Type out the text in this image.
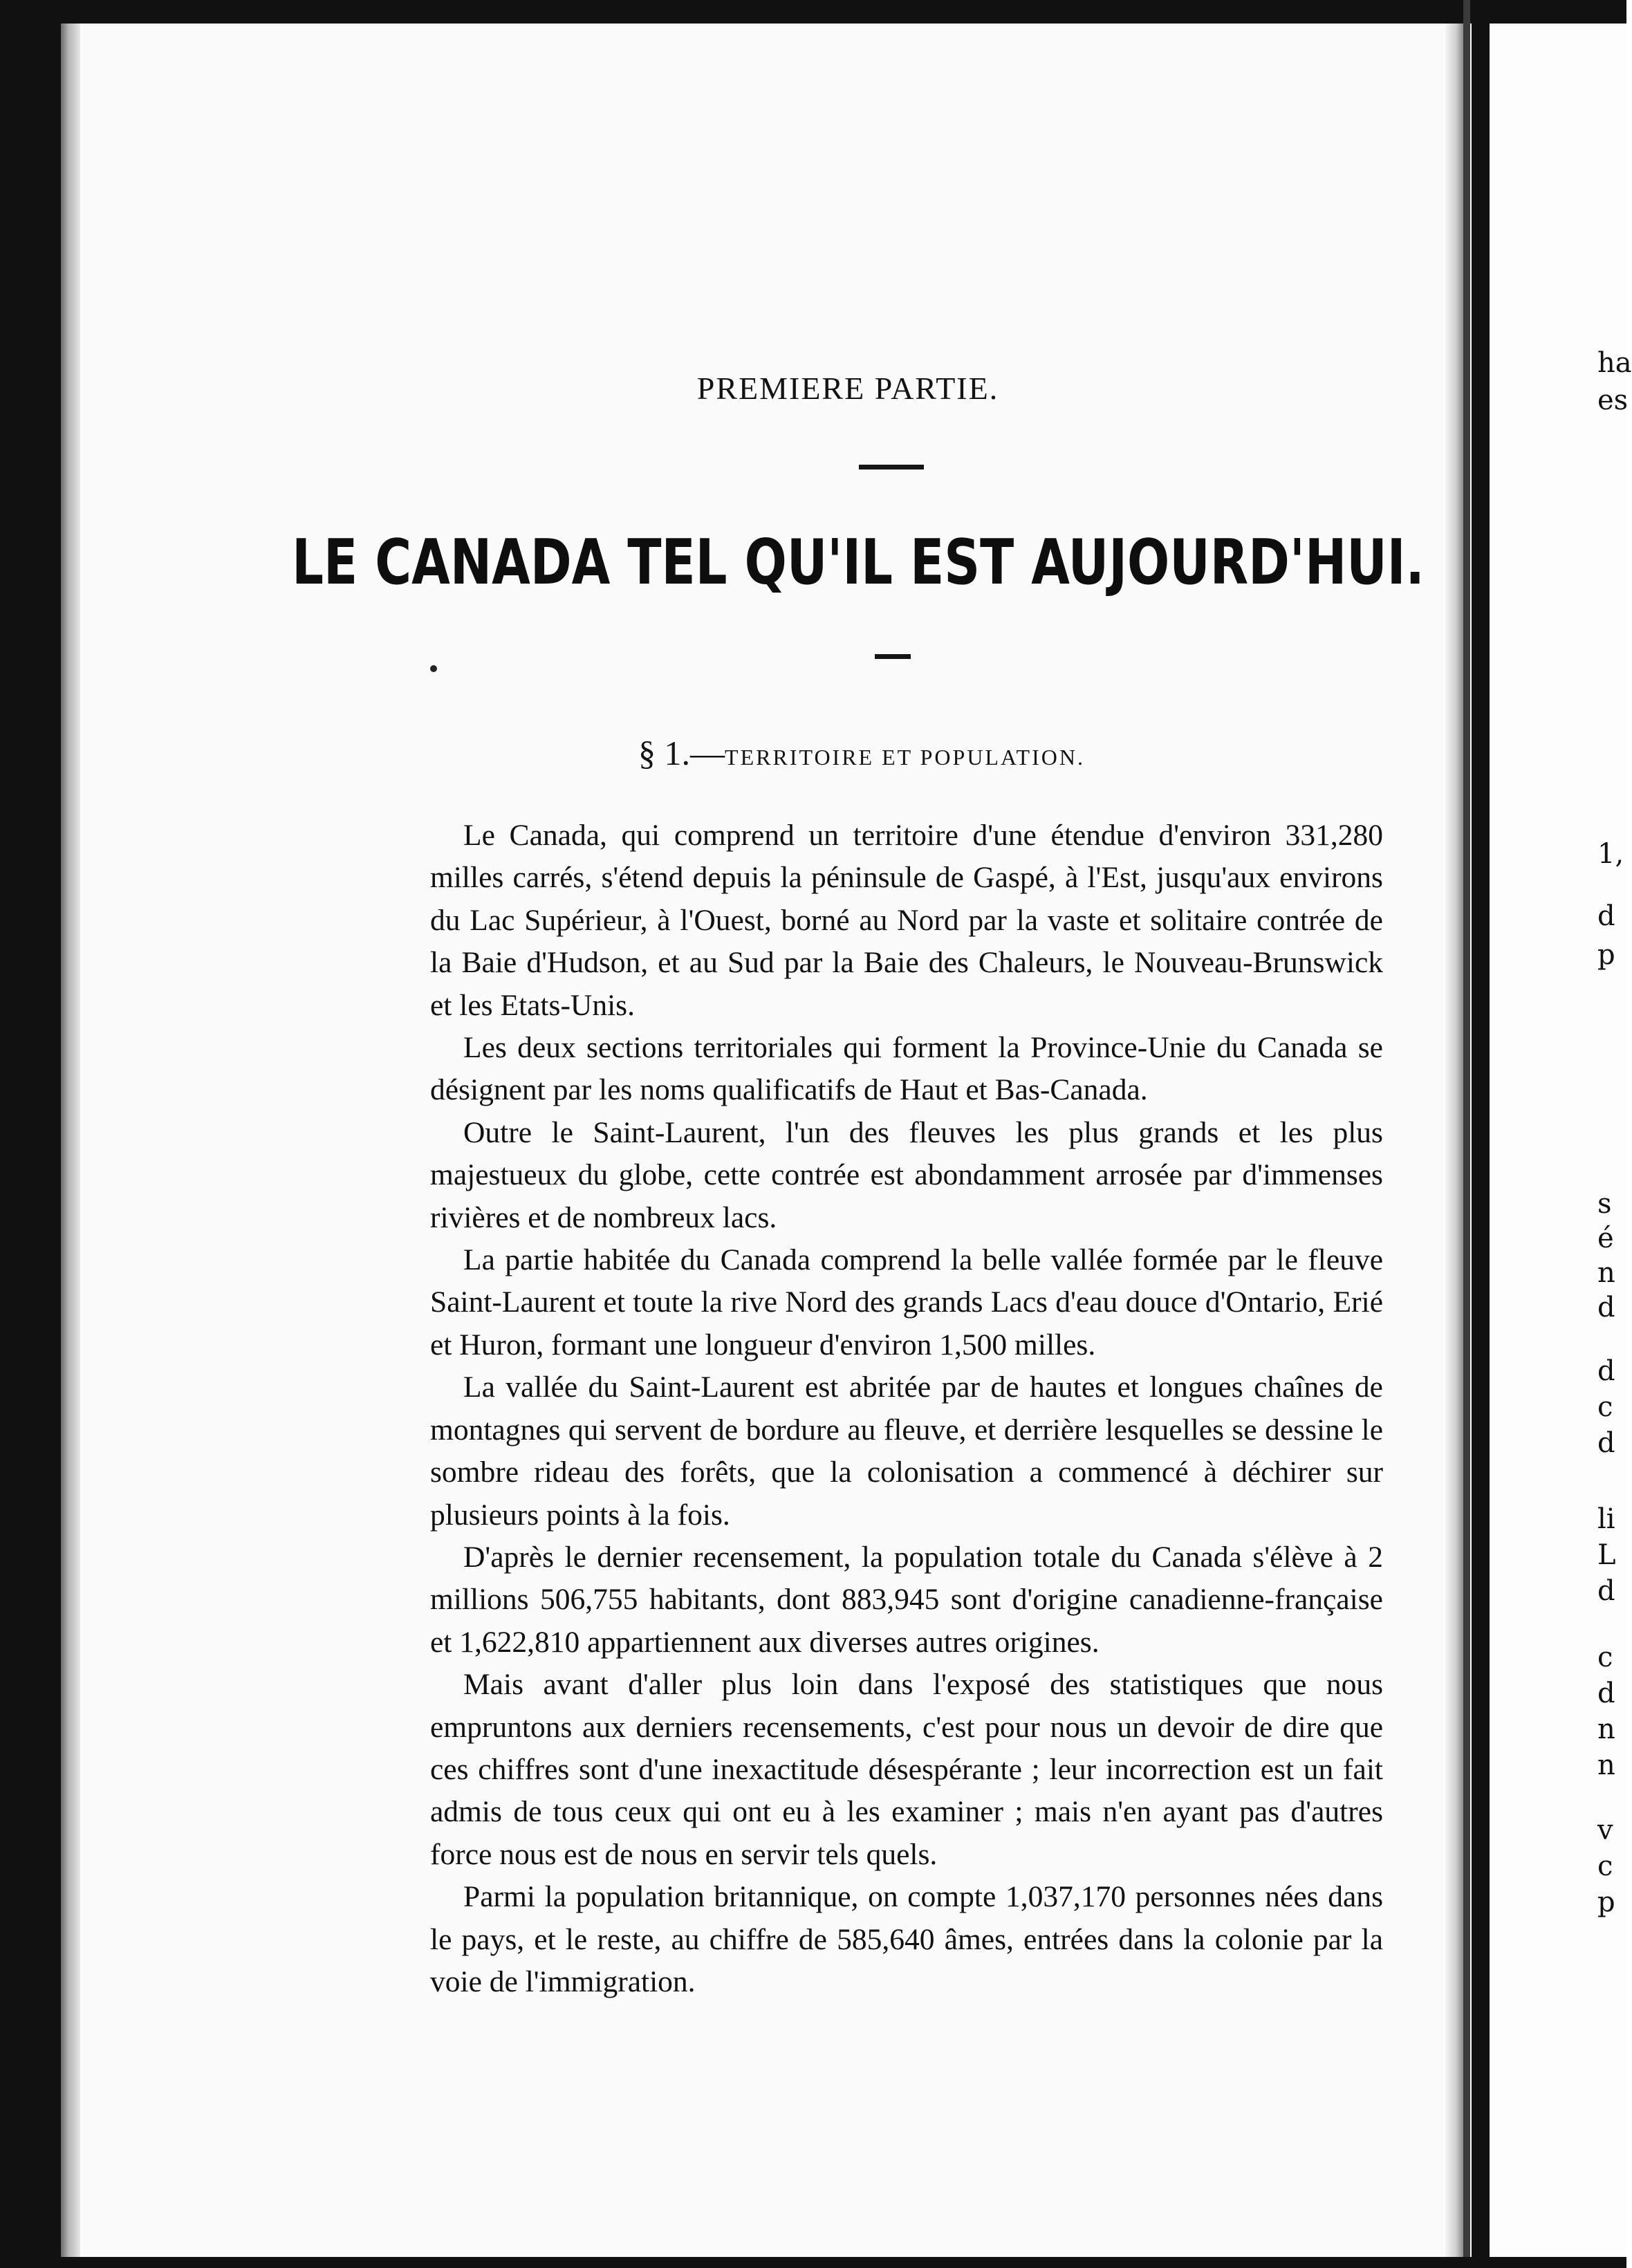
ha
es
1,
d
p
s
é
n
d
d
c
d
li
L
d
c
d
n
n
v
c
p
PREMIERE PARTIE.
LE CANADA TEL QU'IL EST AUJOURD'HUI.
§ 1.—TERRITOIRE ET POPULATION.

Le Canada, qui comprend un territoire d'une étendue d'environ 331,280 milles carrés, s'étend depuis la péninsule de Gaspé, à l'Est, jusqu'aux environs du Lac Supérieur, à l'Ouest, borné au Nord par la vaste et solitaire contrée de la Baie d'Hudson, et au Sud par la Baie des Chaleurs, le Nouveau-Brunswick et les Etats-Unis.

Les deux sections territoriales qui forment la Province-Unie du Canada se désignent par les noms qualificatifs de Haut et Bas-Canada.

Outre le Saint-Laurent, l'un des fleuves les plus grands et les plus majestueux du globe, cette contrée est abondamment arrosée par d'immenses rivières et de nombreux lacs.

La partie habitée du Canada comprend la belle vallée formée par le fleuve Saint-Laurent et toute la rive Nord des grands Lacs d'eau douce d'Ontario, Erié et Huron, formant une longueur d'environ 1,500 milles.

La vallée du Saint-Laurent est abritée par de hautes et longues chaînes de montagnes qui servent de bordure au fleuve, et derrière lesquelles se dessine le sombre rideau des forêts, que la colonisation a commencé à déchirer sur plusieurs points à la fois.

D'après le dernier recensement, la population totale du Canada s'élève à 2 millions 506,755 habitants, dont 883,945 sont d'origine canadienne-française et 1,622,810 appartiennent aux diverses autres origines.

Mais avant d'aller plus loin dans l'exposé des statistiques que nous empruntons aux derniers recensements, c'est pour nous un devoir de dire que ces chiffres sont d'une inexactitude désespérante ; leur incorrection est un fait admis de tous ceux qui ont eu à les examiner ; mais n'en ayant pas d'autres force nous est de nous en servir tels quels.

Parmi la population britannique, on compte 1,037,170 personnes nées dans le pays, et le reste, au chiffre de 585,640 âmes, entrées dans la colonie par la voie de l'immigration.
